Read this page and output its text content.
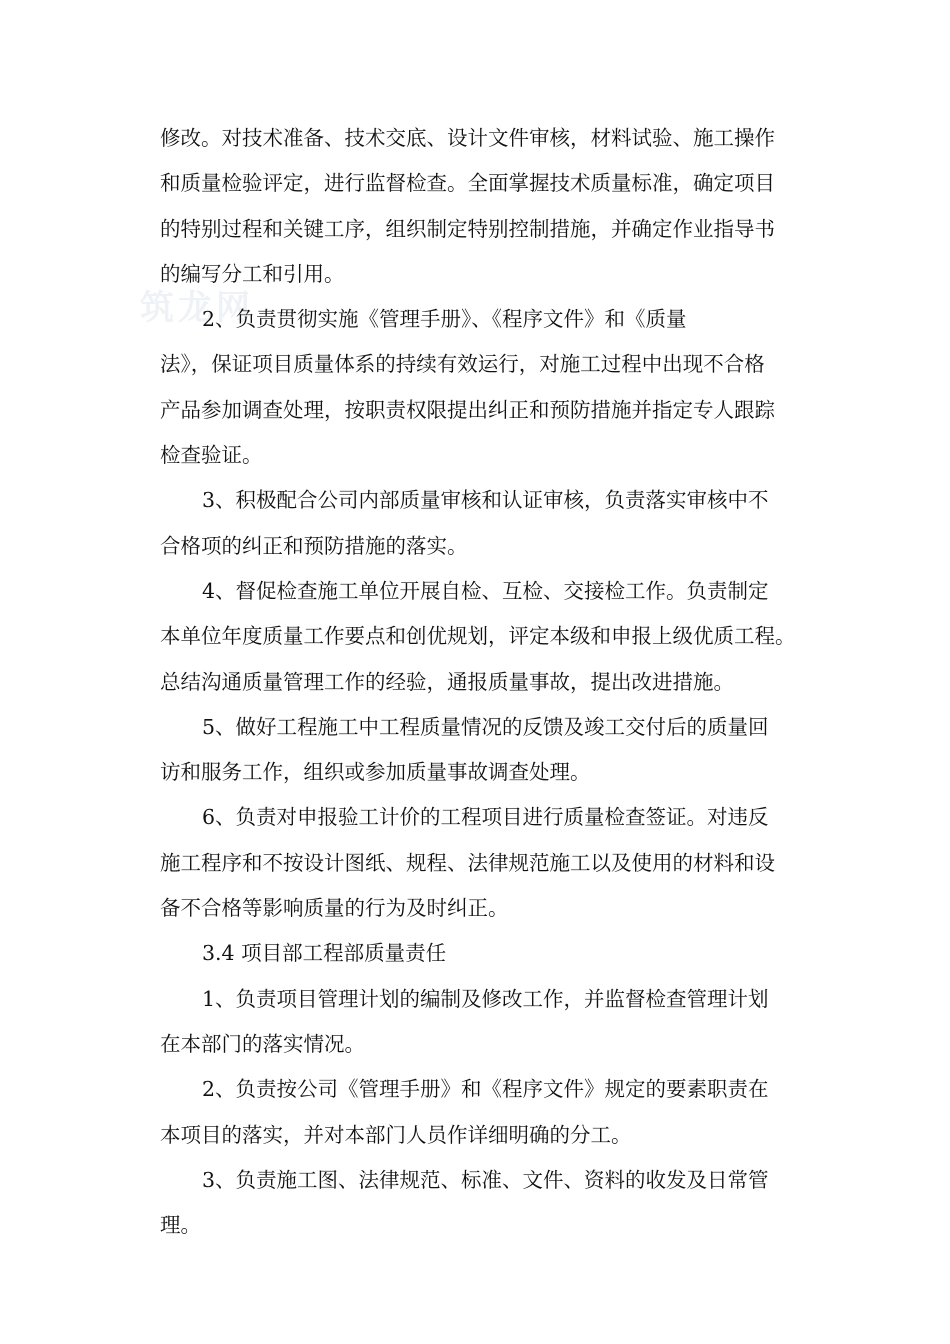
筑龙网
修改。对技术准备、技术交底、设计文件审核，材料试验、施工操作
和质量检验评定，进行监督检查。全面掌握技术质量标准，确定项目
的特别过程和关键工序，组织制定特别控制措施，并确定作业指导书
的编写分工和引用。
2、负责贯彻实施《管理手册》、《程序文件》和《质量
法》，保证项目质量体系的持续有效运行，对施工过程中出现不合格
产品参加调查处理，按职责权限提出纠正和预防措施并指定专人跟踪
检查验证。
3、积极配合公司内部质量审核和认证审核，负责落实审核中不
合格项的纠正和预防措施的落实。
4、督促检查施工单位开展自检、互检、交接检工作。负责制定
本单位年度质量工作要点和创优规划，评定本级和申报上级优质工程。
总结沟通质量管理工作的经验，通报质量事故，提出改进措施。
5、做好工程施工中工程质量情况的反馈及竣工交付后的质量回
访和服务工作，组织或参加质量事故调查处理。
6、负责对申报验工计价的工程项目进行质量检查签证。对违反
施工程序和不按设计图纸、规程、法律规范施工以及使用的材料和设
备不合格等影响质量的行为及时纠正。
3.4 项目部工程部质量责任
1、负责项目管理计划的编制及修改工作，并监督检查管理计划
在本部门的落实情况。
2、负责按公司《管理手册》和《程序文件》规定的要素职责在
本项目的落实，并对本部门人员作详细明确的分工。
3、负责施工图、法律规范、标准、文件、资料的收发及日常管
理。
